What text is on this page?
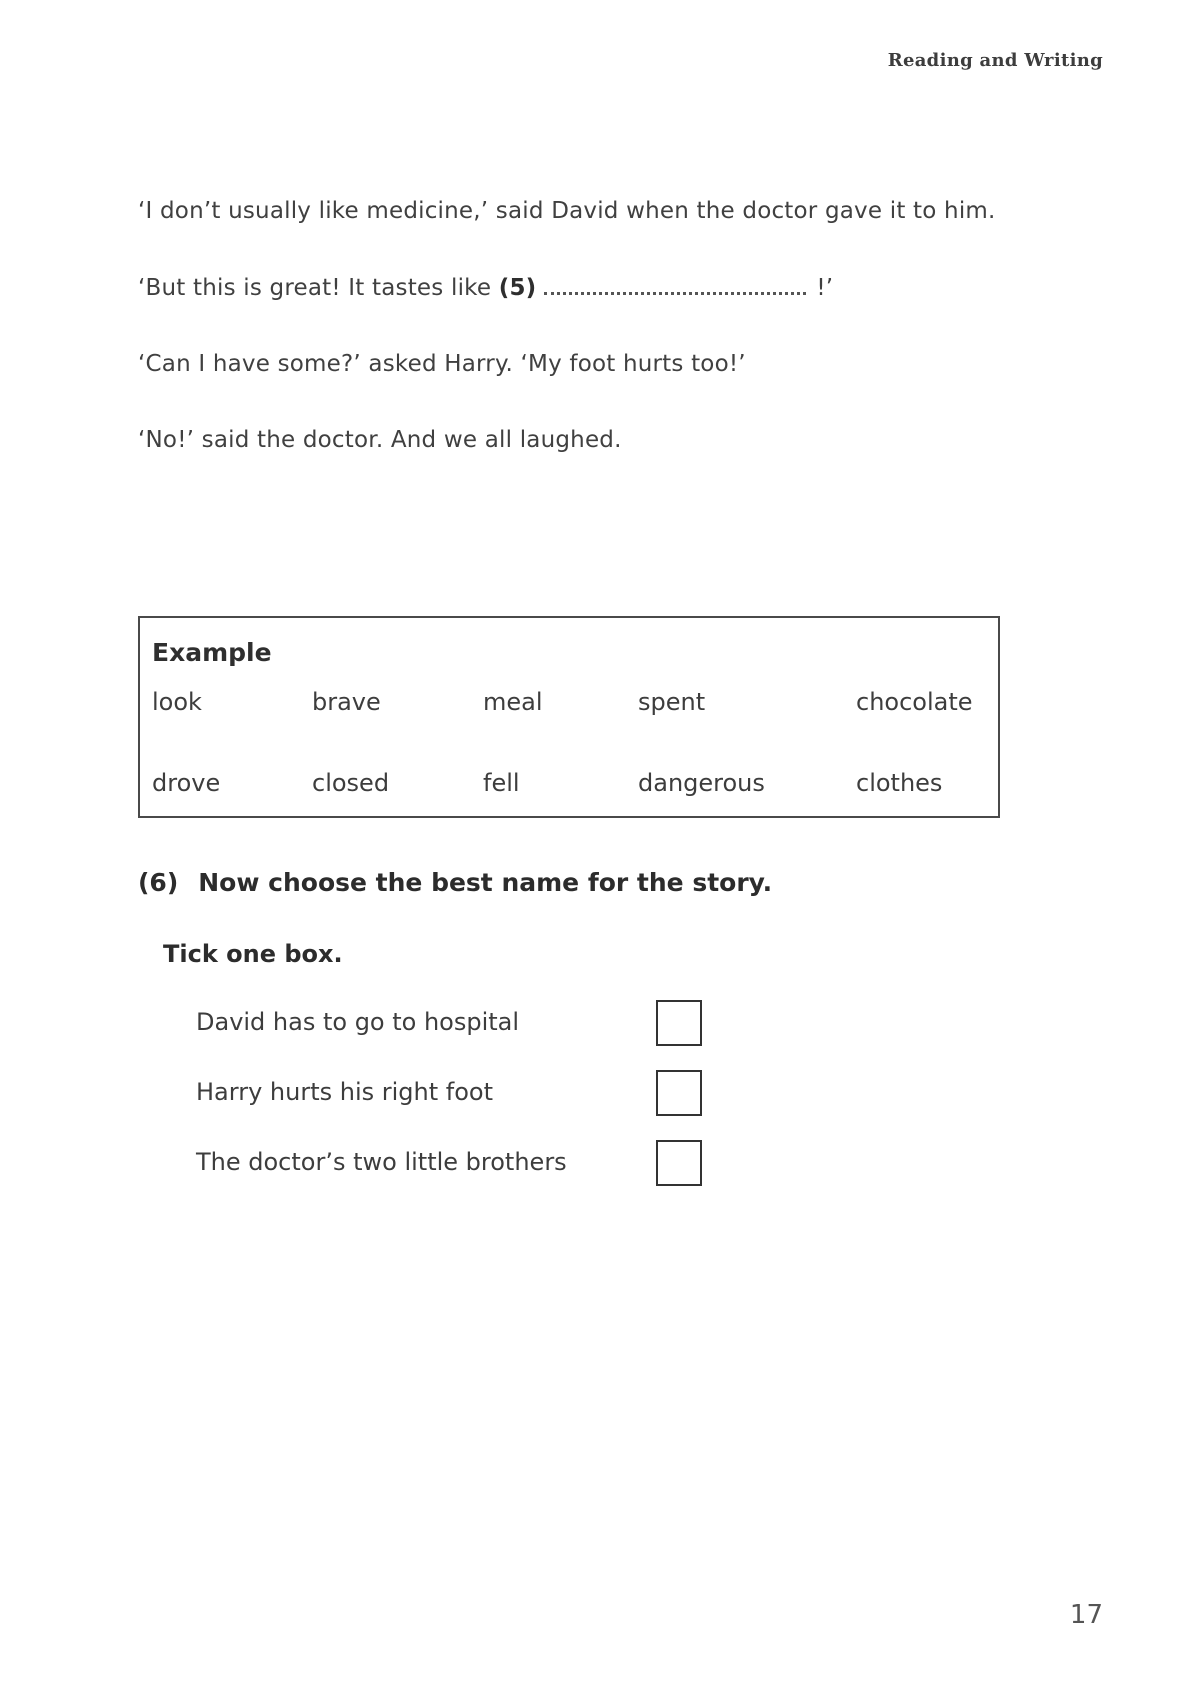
Reading and Writing
‘I don’t usually like medicine,’ said David when the doctor gave it to him.
‘But this is great! It tastes like (5)	!’
‘Can I have some?’ asked Harry. ‘My foot hurts too!’
‘No!’ said the doctor. And we all laughed.
Example
look	brave	meal	spent	chocolate
drove	closed	fell	dangerous	clothes
(6) Now choose the best name for the story.
Tick one box.
David has to go to hospital
Harry hurts his right foot
The doctor’s two little brothers
17
